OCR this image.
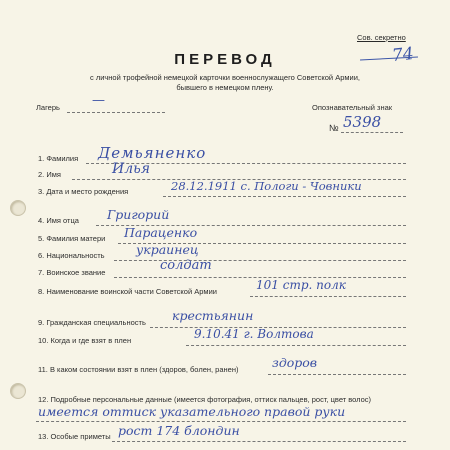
Сов. секретно
74
ПЕРЕВОД
с личной трофейной немецкой карточки военнослужащего Советской Армии,
бывшего в немецком плену.
Лагерь —	Опознавательный знак
№ 5398
1. Фамилия Демьяненко
2. Имя	Илья
3. Дата и место рождения	28.12.1911 с. Пологи - Човники
4. Имя отца Григорий
5. Фамилия матери Параценко
6. Национальность	украинец
7. Воинское звание	солдат
8. Наименование воинской части Советской Армии	101 стр. полк
9. Гражданская специальность крестьянин
10. Когда и где взят в плен	9.10.41 г. Волтова
11. В каком состоянии взят в плен (здоров, болен, ранен)	здоров
12. Подробные персональные данные (имеется фотография, оттиск пальцев, рост, цвет волос)
имеется оттиск указательного правой руки
13. Особые приметы рост 174 блондин
